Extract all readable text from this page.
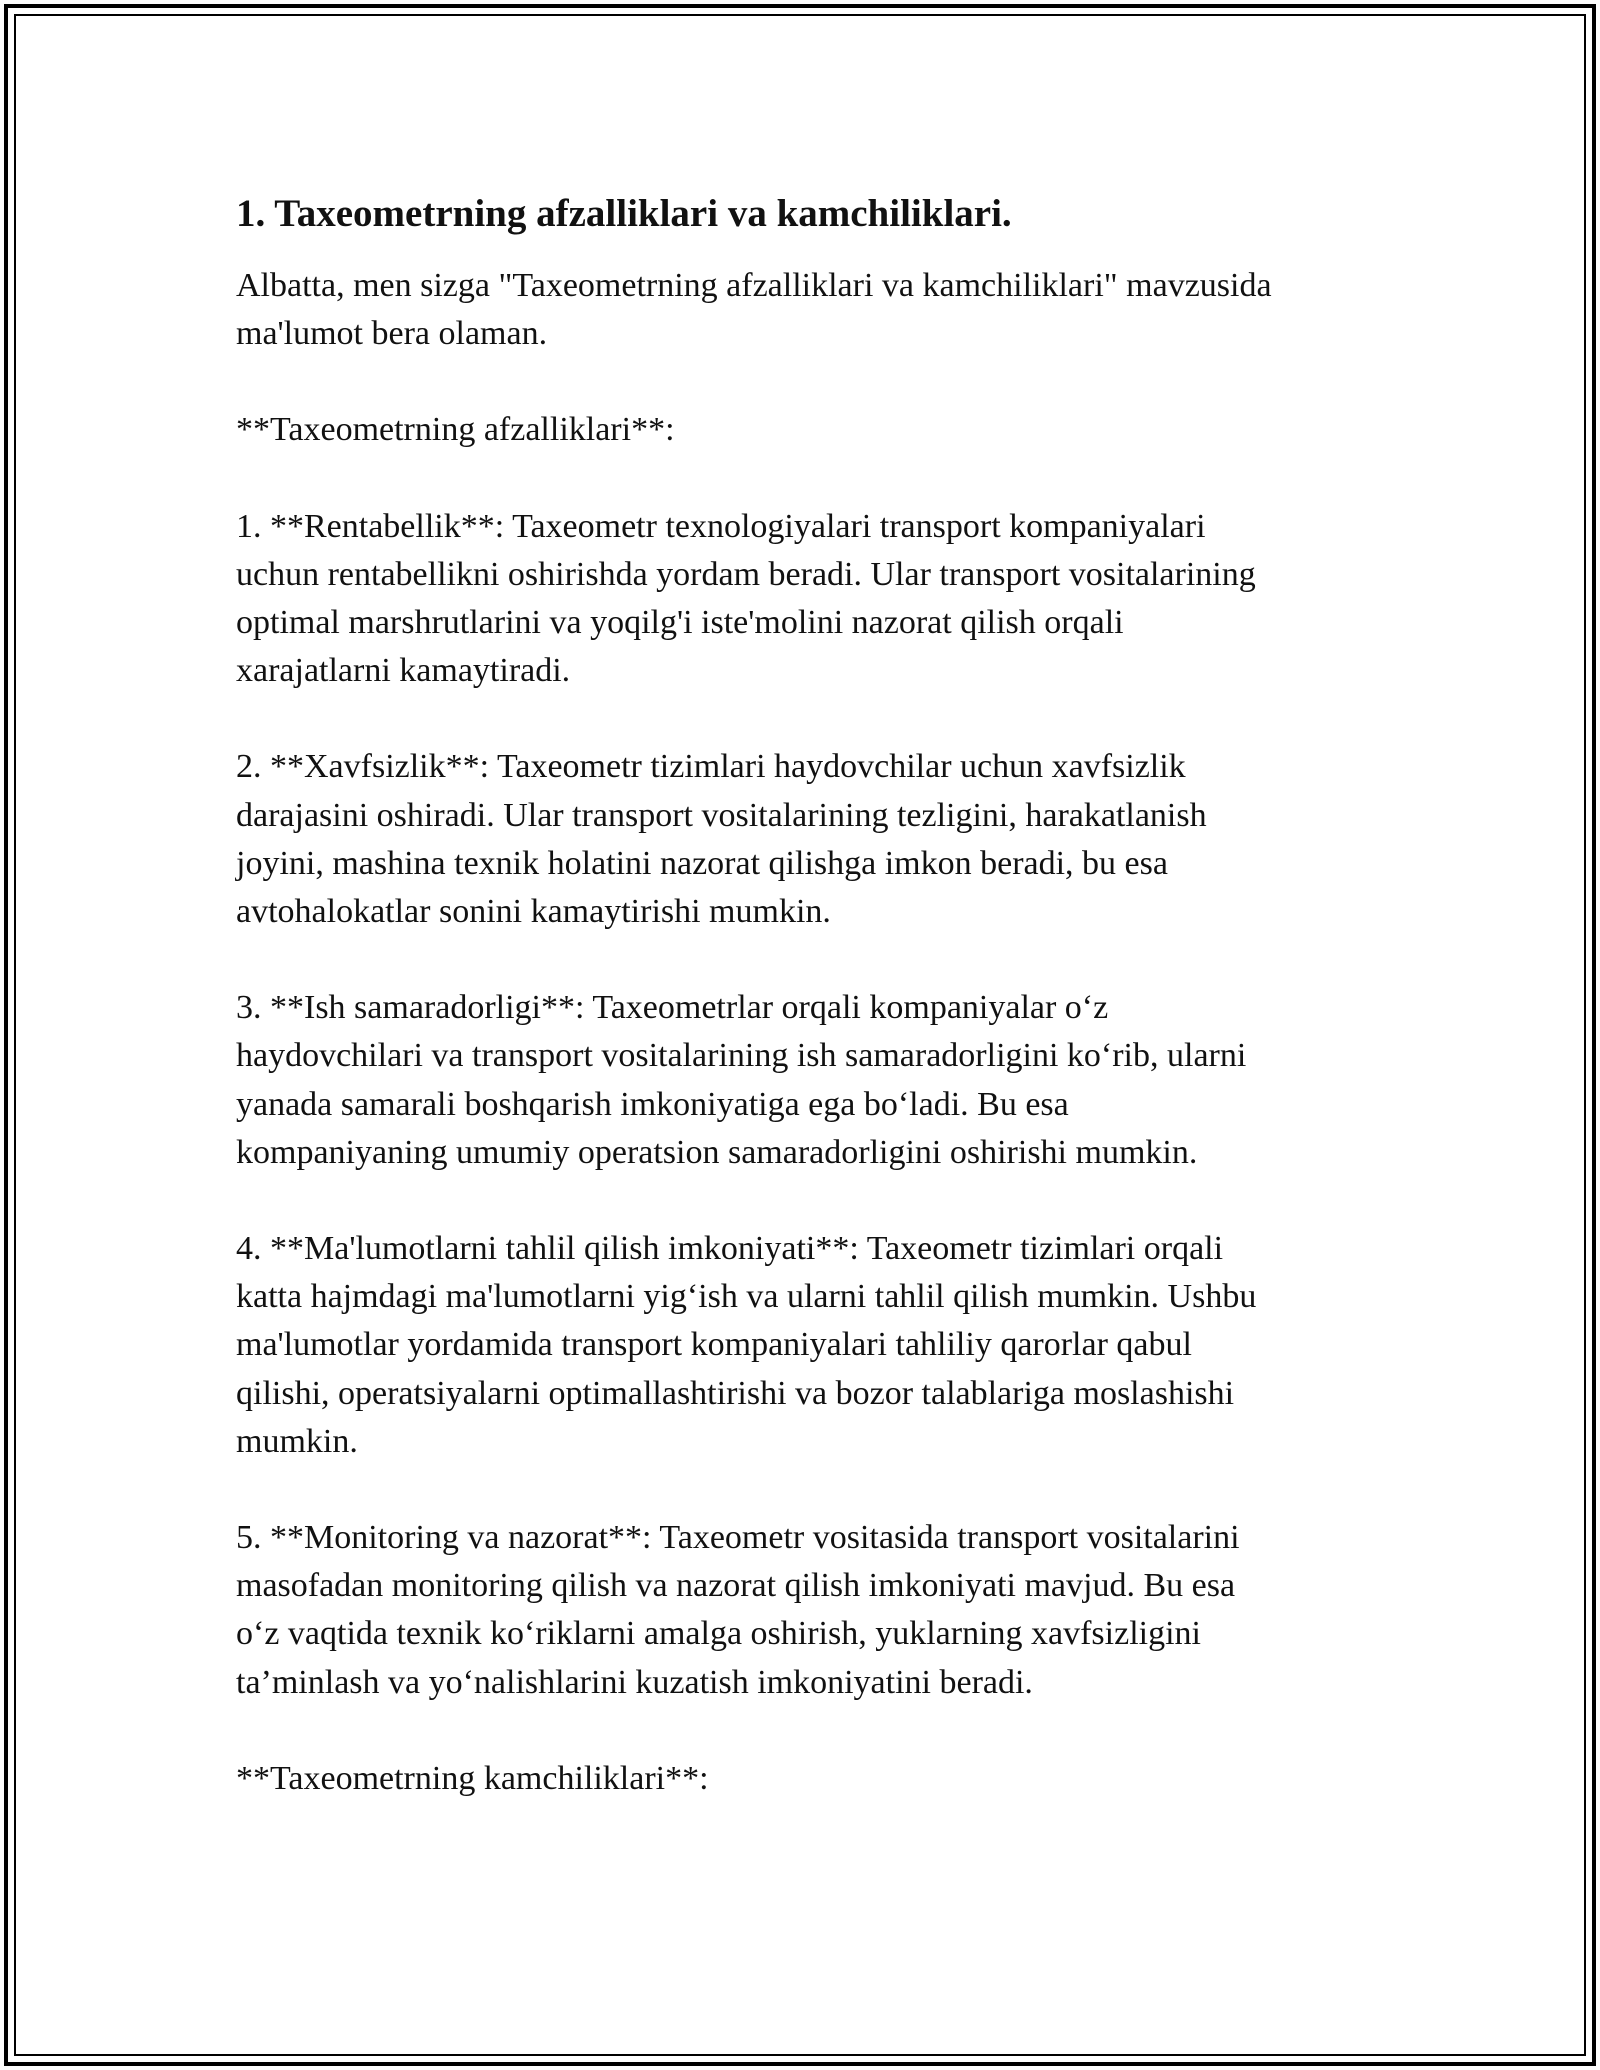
1. Taxeometrning afzalliklari va kamchiliklari.

Albatta, men sizga "Taxeometrning afzalliklari va kamchiliklari" mavzusida
ma'lumot bera olaman.

**Taxeometrning afzalliklari**:

1. **Rentabellik**: Taxeometr texnologiyalari transport kompaniyalari
uchun rentabellikni oshirishda yordam beradi. Ular transport vositalarining
optimal marshrutlarini va yoqilg'i iste'molini nazorat qilish orqali
xarajatlarni kamaytiradi.

2. **Xavfsizlik**: Taxeometr tizimlari haydovchilar uchun xavfsizlik
darajasini oshiradi. Ular transport vositalarining tezligini, harakatlanish
joyini, mashina texnik holatini nazorat qilishga imkon beradi, bu esa
avtohalokatlar sonini kamaytirishi mumkin.

3. **Ish samaradorligi**: Taxeometrlar orqali kompaniyalar o‘z
haydovchilari va transport vositalarining ish samaradorligini ko‘rib, ularni
yanada samarali boshqarish imkoniyatiga ega bo‘ladi. Bu esa
kompaniyaning umumiy operatsion samaradorligini oshirishi mumkin.

4. **Ma'lumotlarni tahlil qilish imkoniyati**: Taxeometr tizimlari orqali
katta hajmdagi ma'lumotlarni yig‘ish va ularni tahlil qilish mumkin. Ushbu
ma'lumotlar yordamida transport kompaniyalari tahliliy qarorlar qabul
qilishi, operatsiyalarni optimallashtirishi va bozor talablariga moslashishi
mumkin.

5. **Monitoring va nazorat**: Taxeometr vositasida transport vositalarini
masofadan monitoring qilish va nazorat qilish imkoniyati mavjud. Bu esa
o‘z vaqtida texnik ko‘riklarni amalga oshirish, yuklarning xavfsizligini
ta’minlash va yo‘nalishlarini kuzatish imkoniyatini beradi.

**Taxeometrning kamchiliklari**:
